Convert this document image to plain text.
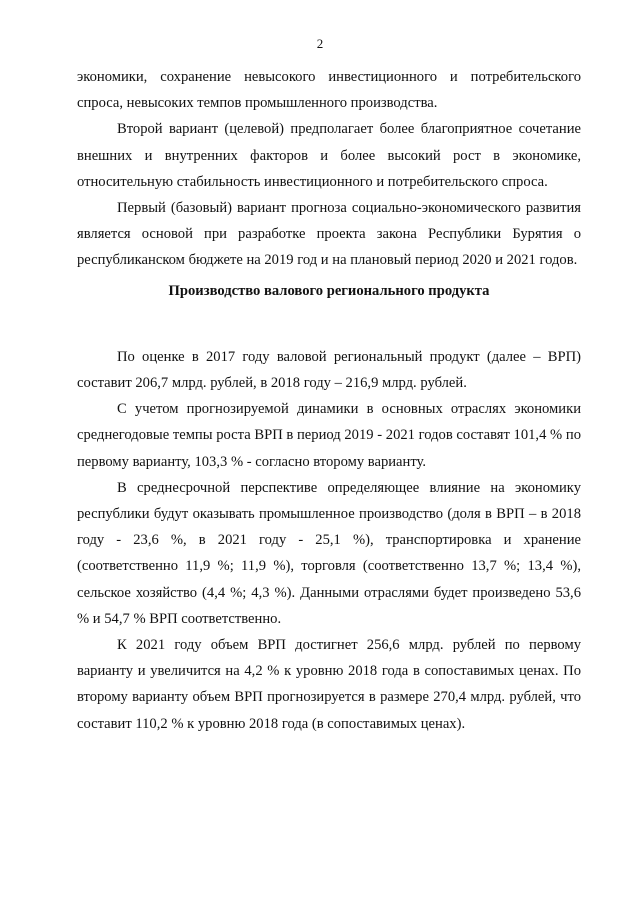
2

экономики, сохранение невысокого инвестиционного и потребительского спроса, невысоких темпов промышленного производства.

Второй вариант (целевой) предполагает более благоприятное сочетание внешних и внутренних факторов и более высокий рост в экономике, относительную стабильность инвестиционного и потребительского спроса.

Первый (базовый) вариант прогноза социально-экономического развития является основой при разработке проекта закона Республики Бурятия о республиканском бюджете на 2019 год и на плановый период 2020 и 2021 годов.

Производство валового регионального продукта

По оценке в 2017 году валовой региональный продукт (далее – ВРП) составит 206,7 млрд. рублей, в 2018 году – 216,9 млрд. рублей.

С учетом прогнозируемой динамики в основных отраслях экономики среднегодовые темпы роста ВРП в период 2019 - 2021 годов составят 101,4 % по первому варианту, 103,3 % - согласно второму варианту.

В среднесрочной перспективе определяющее влияние на экономику республики будут оказывать промышленное производство (доля в ВРП – в 2018 году - 23,6 %, в 2021 году - 25,1 %), транспортировка и хранение (соответственно 11,9 %; 11,9 %), торговля (соответственно 13,7 %; 13,4 %), сельское хозяйство (4,4 %; 4,3 %). Данными отраслями будет произведено 53,6 % и 54,7 % ВРП соответственно.

К 2021 году объем ВРП достигнет 256,6 млрд. рублей по первому варианту и увеличится на 4,2 % к уровню 2018 года в сопоставимых ценах. По второму варианту объем ВРП прогнозируется в размере 270,4 млрд. рублей, что составит 110,2 % к уровню 2018 года (в сопоставимых ценах).
